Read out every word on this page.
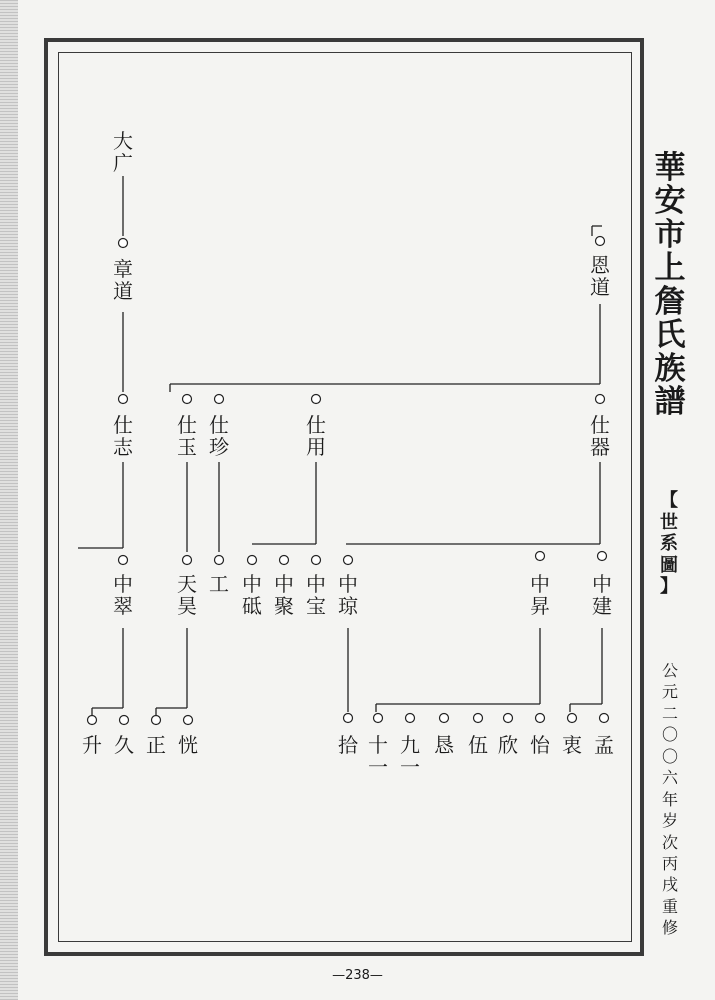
大
广
章
道
恩
道
仕
志
仕
玉
仕
珍
仕
用
仕
器
中
翠
天
昊
工 中
砥
中
聚
中
宝
中
琼
中
昇
中
建
升 久 正 恍	拾 十
一
九
一
恳 伍 欣 怡 衷 孟
華
安
市
上
詹
氏
族
譜
【
世
系
圖
】
公
元
二
〇
〇
六
年
岁
次
丙
戌
重
修
—238—
